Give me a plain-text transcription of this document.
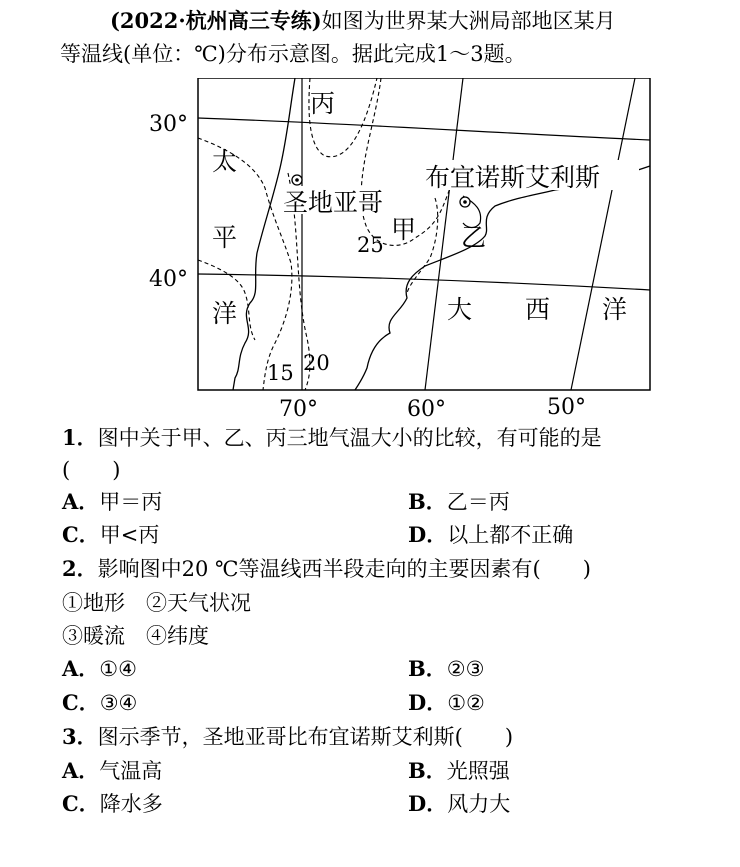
(2022·杭州高三专练)如图为世界某大洲局部地区某月
等温线(单位：℃)分布示意图。据此完成1～3题。
30°
40°
70°	60°	50°
丙
圣地亚哥
甲 乙
布宜诺斯艾利斯
太
平
洋	大 西 洋
25
20
15
1．图中关于甲、乙、丙三地气温大小的比较，有可能的是
(　　)
A．甲＝丙	B．乙＝丙
C．甲<丙	D．以上都不正确
2．影响图中20 ℃等温线西半段走向的主要因素有(　　)
①地形　②天气状况
③暖流　④纬度
A．①④	B．②③
C．③④	D．①②
3．图示季节，圣地亚哥比布宜诺斯艾利斯(　　)
A．气温高	B．光照强
C．降水多	D．风力大
